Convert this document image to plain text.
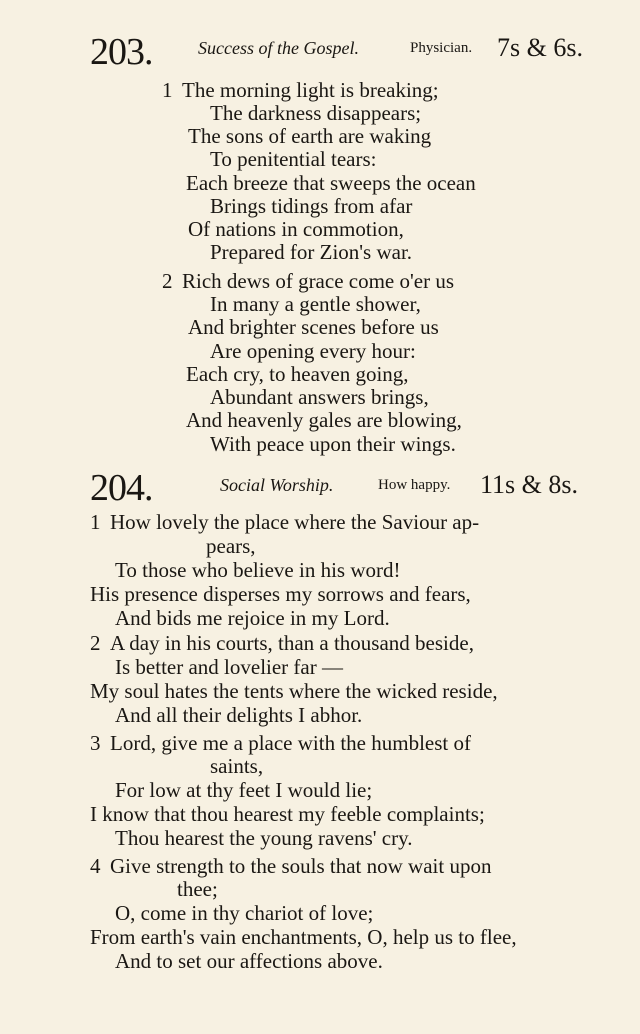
203.	Success of the Gospel.	Physician. 7s & 6s.
1 The morning light is breaking;
The darkness disappears;
The sons of earth are waking
To penitential tears:
Each breeze that sweeps the ocean
Brings tidings from afar
Of nations in commotion,
Prepared for Zion's war.
2 Rich dews of grace come o'er us
In many a gentle shower,
And brighter scenes before us
Are opening every hour:
Each cry, to heaven going,
Abundant answers brings,
And heavenly gales are blowing,
With peace upon their wings.
204.	Social Worship.	How happy. 11s & 8s.
1 How lovely the place where the Saviour ap-
pears,
To those who believe in his word!
His presence disperses my sorrows and fears,
And bids me rejoice in my Lord.
2 A day in his courts, than a thousand beside,
Is better and lovelier far —
My soul hates the tents where the wicked reside,
And all their delights I abhor.
3 Lord, give me a place with the humblest of
saints,
For low at thy feet I would lie;
I know that thou hearest my feeble complaints;
Thou hearest the young ravens' cry.
4 Give strength to the souls that now wait upon
thee;
O, come in thy chariot of love;
From earth's vain enchantments, O, help us to flee,
And to set our affections above.
